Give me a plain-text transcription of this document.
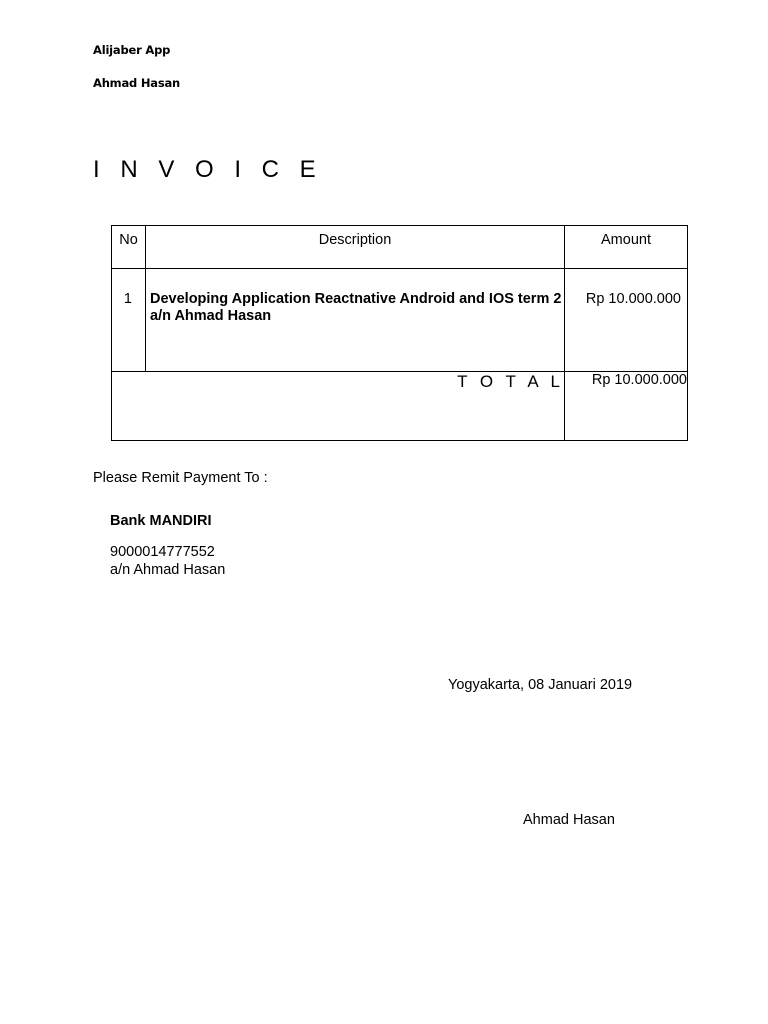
Alijaber App
Ahmad Hasan
I N V O I C E
No	Description	Amount

1	Developing Application Reactnative Android and IOS term 2
a/n Ahmad Hasan	Rp 10.000.000
T O T A L		Rp 10.000.000
Please Remit Payment To :
Bank MANDIRI
9000014777552
a/n Ahmad Hasan
Yogyakarta, 08 Januari 2019
Ahmad Hasan
